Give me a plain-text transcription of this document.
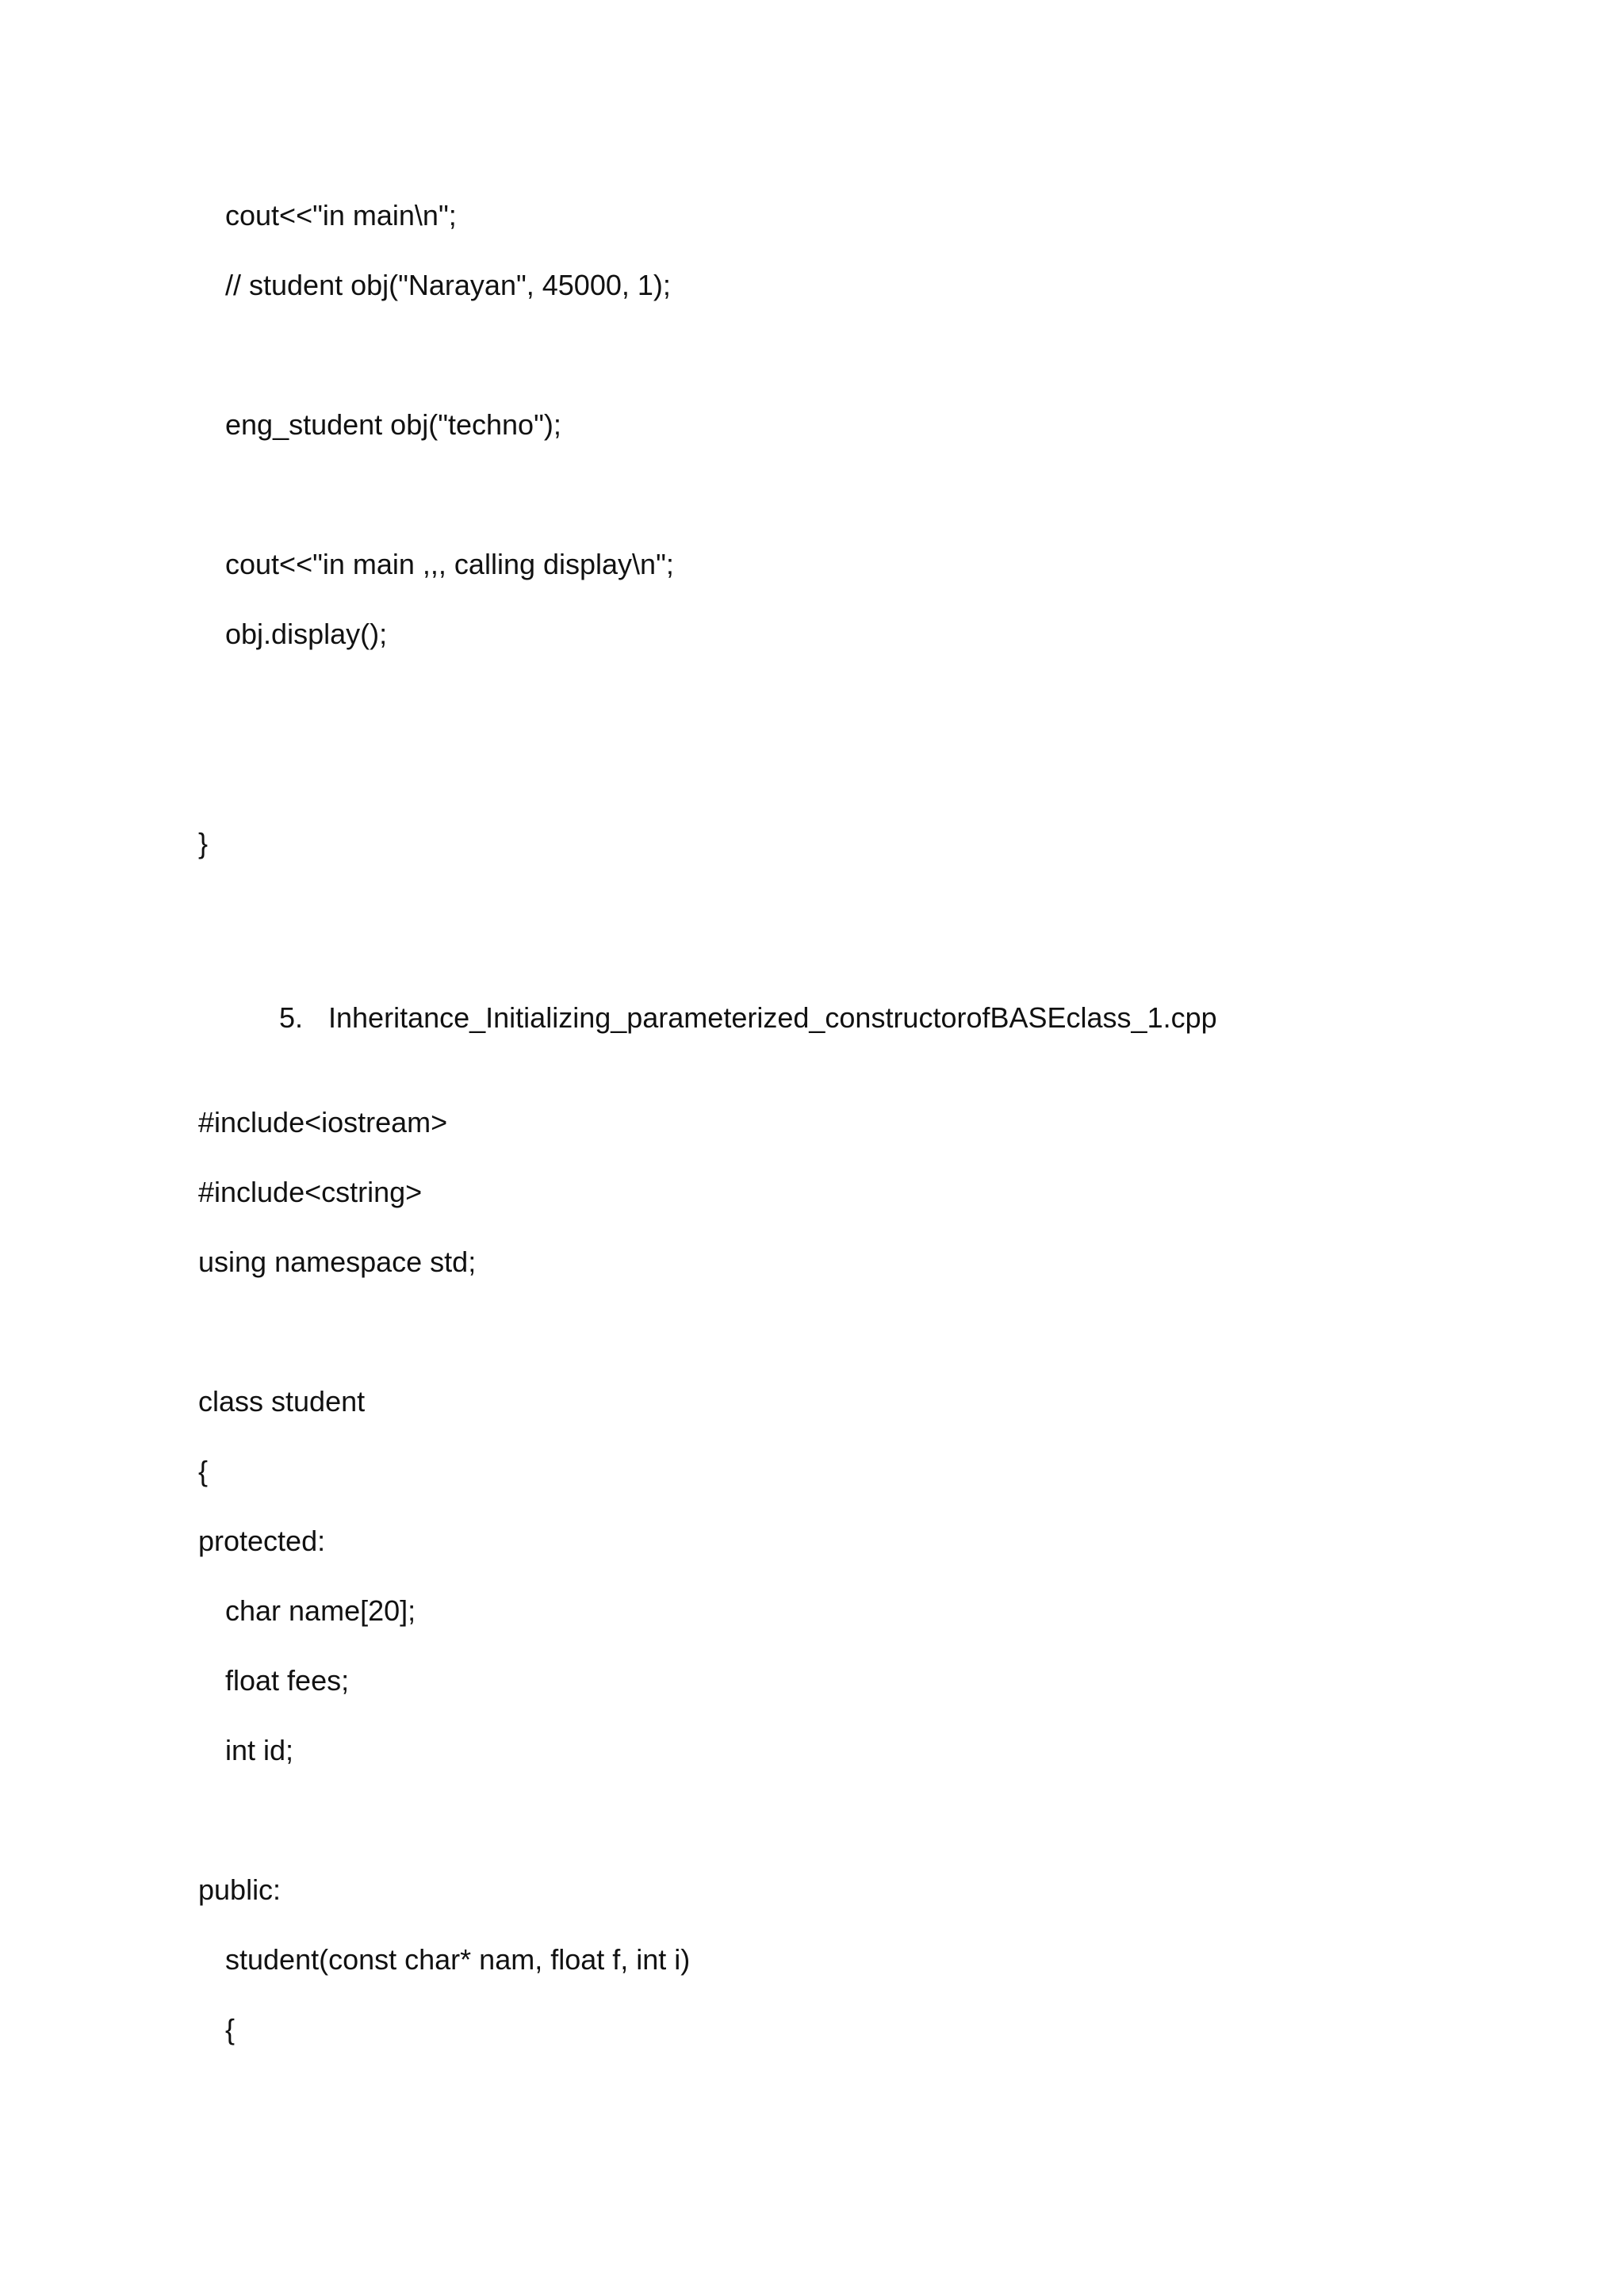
cout<<"in main\n";
// student obj("Narayan", 45000, 1);
eng_student obj("techno");
cout<<"in main ,,, calling display\n";
obj.display();
}

5. Inheritance_Initializing_parameterized_constructorofBASEclass_1.cpp

#include<iostream>
#include<cstring>
using namespace std;
class student
{
protected:
char name[20];
float fees;
int id;
public:
student(const char* nam, float f, int i)
{
